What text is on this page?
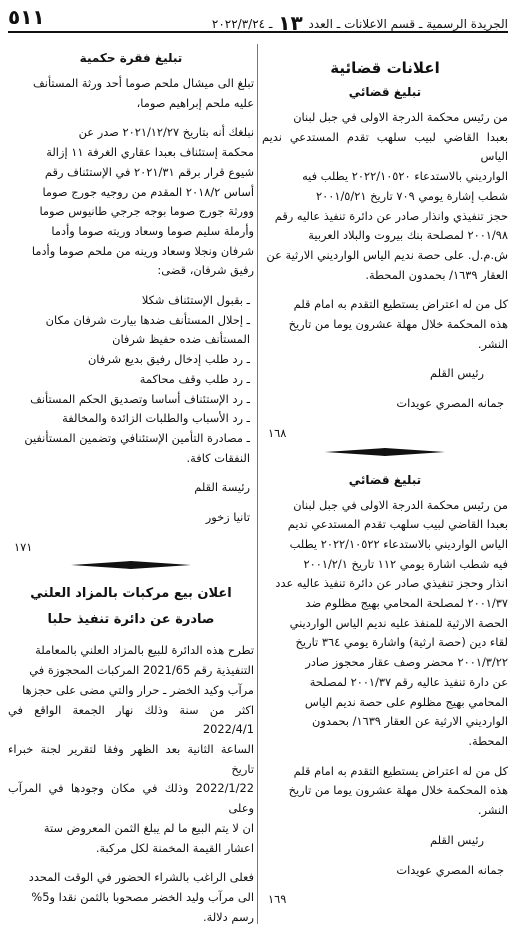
الجريدة الرسمية ـ قسم الاعلانات ـ العدد ١٣ ـ ٢٠٢٢/٣/٢٤
٥١١
اعلانات قضائية
تبليغ قضائي

من رئيس محكمة الدرجة الاولى في جبل لبنان

بعبدا القاضي لبيب سلهب تقدم المستدعي نديم الياس

الوارديني بالاستدعاء ٢٠٢٢/١٠٥٢٠ يطلب فيه

شطب إشارة يومي ٧٠٩ تاريخ ٢٠٠١/٥/٢١

حجز تنفيذي وانذار صادر عن دائرة تنفيذ عاليه رقم

٢٠٠١/٩٨ لمصلحة بنك بيروت والبلاد العربية

ش.م.ل. على حصة نديم الياس الوارديني الارثية عن

العقار ١٦٣٩/ بحمدون المحطة.

كل من له اعتراض يستطيع التقدم به امام قلم

هذه المحكمة خلال مهلة عشرون يوما من تاريخ

النشر.

رئيس القلم

جمانه المصري عويدات

١٦٨

تبليغ قضائي

من رئيس محكمة الدرجة الاولى في جبل لبنان

بعبدا القاضي لبيب سلهب تقدم المستدعي نديم

الياس الوارديني بالاستدعاء ٢٠٢٢/١٠٥٢٢ يطلب

فيه شطب اشارة يومي ١١٢ تاريخ ٢٠٠١/٢/١

انذار وحجز تنفيذي صادر عن دائرة تنفيذ عاليه عدد

٢٠٠١/٣٧ لمصلحة المحامي بهيج مظلوم ضد

الحصة الارثية للمنفذ عليه نديم الياس الوارديني

لقاء دين (حصة ارثية) واشارة يومي ٣٦٤ تاريخ

٢٠٠١/٣/٢٢ محضر وصف عقار محجوز صادر

عن دارة تنفيذ عاليه رقم ٢٠٠١/٣٧ لمصلحة

المحامي بهيج مظلوم على حصة نديم الياس

الوارديني الارثية عن العقار ١٦٣٩/ بحمدون

المحطة.

كل من له اعتراض يستطيع التقدم به امام قلم

هذه المحكمة خلال مهلة عشرون يوما من تاريخ

النشر.

رئيس القلم

جمانه المصري عويدات

١٦٩

تبليغ فقرة حكمية

تبلغ الى ميشال ملحم صوما أحد ورثة المستأنف

عليه ملحم إبراهيم صوما،

نبلغك أنه بتاريخ ٢٠٢١/١٢/٢٧ صدر عن

محكمة إستئناف بعبدا عقاري الغرفة ١١ إزالة

شيوع قرار برقم ٢٠٢١/٣١ في الإستئناف رقم

أساس ٢٠١٨/٢ المقدم من روجيه جورج صوما

وورثة جورج صوما بوجه جرجي طانيوس صوما

وأرملة سليم صوما وسعاد وريته صوما وأدما

شرفان ونجلا وسعاد ورينه من ملحم صوما وأدما

رفيق شرفان، قضى:

ـ بقبول الإستئناف شكلا

ـ إحلال المستأنف ضدها بيارت شرفان مكان

المستأنف ضده حفيظ شرفان

ـ رد طلب إدخال رفيق بديع شرفان

ـ رد طلب وقف محاكمة

ـ رد الإستئناف أساسا وتصديق الحكم المستأنف

ـ رد الأسباب والطلبات الزائدة والمخالفة

ـ مصادرة التأمين الإستئنافي وتضمين المستأنفين

النفقات كافة.

رئيسة القلم

تانيا زخور

١٧١

اعلان بيع مركبات بالمزاد العلني
صادرة عن دائرة تنفيذ حلبا

تطرح هذه الدائرة للبيع بالمزاد العلني بالمعاملة

التنفيذية رقم 2021/65 المركبات المحجوزة في

مرآب وكيد الخضر ـ حرار والتي مضى على حجزها

اكثر من سنة وذلك نهار الجمعة الواقع في 2022/4/1

الساعة الثانية بعد الظهر وفقا لتقرير لجنة خبراء تاريخ

2022/1/22 وذلك في مكان وجودها في المرآب وعلى

ان لا يتم البيع ما لم يبلغ الثمن المعروض ستة

اعشار القيمة المخمنة لكل مركبة.

فعلى الراغب بالشراء الحضور في الوقت المحدد

الى مرآب وليد الخضر مصحوبا بالثمن نقدا و5%

رسم دلالة.
